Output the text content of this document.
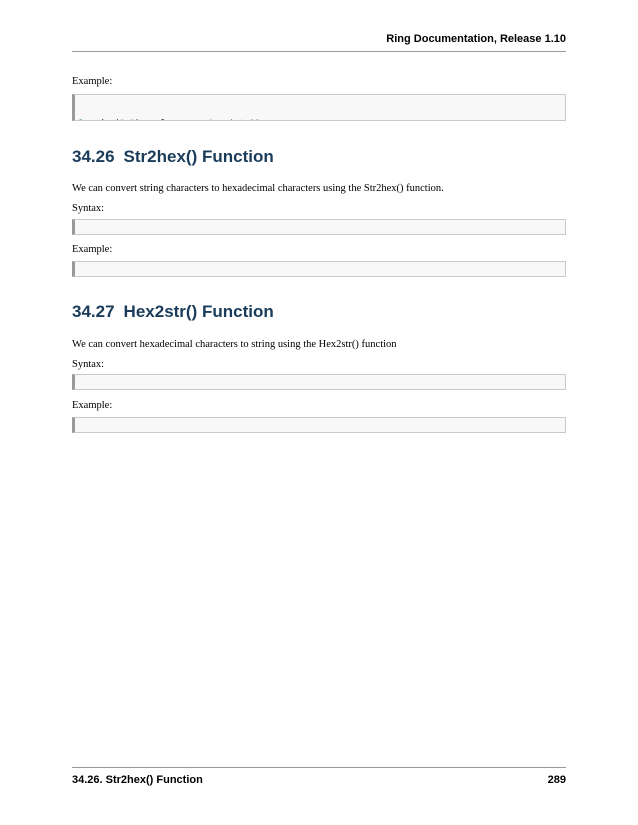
Ring Documentation, Release 1.10
Example:

34.26 Str2hex() Function
We can convert string characters to hexadecimal characters using the Str2hex() function.
Syntax:

Example:

34.27 Hex2str() Function
We can convert hexadecimal characters to string using the Hex2str() function
Syntax:

Example:

34.26. Str2hex() Function	289
